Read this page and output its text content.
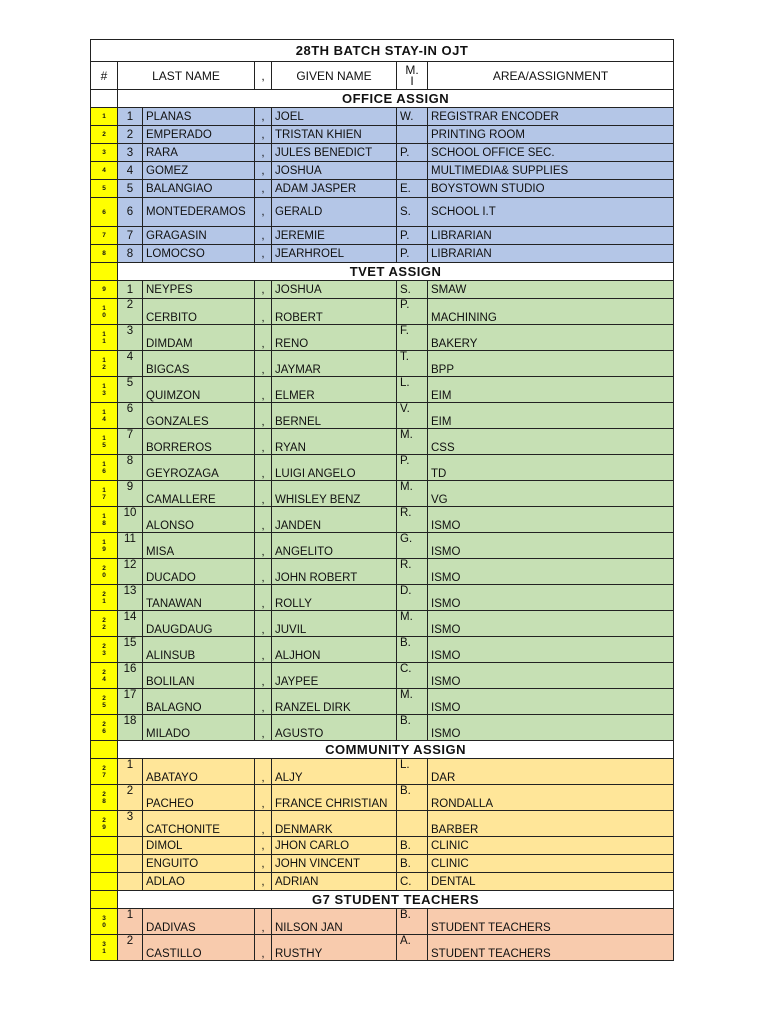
28TH BATCH STAY-IN OJT						
#	LAST NAME		,	GIVEN NAME	M. I	AREA/ASSIGNMENT
	OFFICE ASSIGN					
1	1	PLANAS	,	JOEL	W.	REGISTRAR ENCODER
2	2	EMPERADO	,	TRISTAN KHIEN		PRINTING ROOM
3	3	RARA	,	JULES BENEDICT	P.	SCHOOL OFFICE SEC.
4	4	GOMEZ	,	JOSHUA		MULTIMEDIA& SUPPLIES
5	5	BALANGIAO	,	ADAM JASPER	E.	BOYSTOWN STUDIO
6	6	MONTEDERAMOS	,	GERALD	S.	SCHOOL I.T
7	7	GRAGASIN	,	JEREMIE	P.	LIBRARIAN
8	8	LOMOCSO	,	JEARHROEL	P.	LIBRARIAN
	TVET ASSIGN					
9	1	NEYPES	,	JOSHUA	S.	SMAW
10	2	CERBITO	‚	ROBERT	P.	MACHINING
11	3	DIMDAM	‚	RENO	F.	BAKERY
12	4	BIGCAS	‚	JAYMAR	T.	BPP
13	5	QUIMZON	‚	ELMER	L.	EIM
14	6	GONZALES	‚	BERNEL	V.	EIM
15	7	BORREROS	‚	RYAN	M.	CSS
16	8	GEYROZAGA	‚	LUIGI ANGELO	P.	TD
17	9	CAMALLERE	‚	WHISLEY BENZ	M.	VG
18	10	ALONSO	‚	JANDEN	R.	ISMO
19	11	MISA	‚	ANGELITO	G.	ISMO
20	12	DUCADO	‚	JOHN ROBERT	R.	ISMO
21	13	TANAWAN	‚	ROLLY	D.	ISMO
22	14	DAUGDAUG	‚	JUVIL	M.	ISMO
23	15	ALINSUB	‚	ALJHON	B.	ISMO
24	16	BOLILAN	‚	JAYPEE	C.	ISMO
25	17	BALAGNO	‚	RANZEL DIRK	M.	ISMO
26	18	MILADO	‚	AGUSTO	B.	ISMO
	COMMUNITY ASSIGN					
27	1	ABATAYO	‚	ALJY	L.	DAR
28	2	PACHEO	‚	FRANCE CHRISTIAN	B.	RONDALLA
29	3	CATCHONITE	‚	DENMARK		BARBER
		DIMOL	,	JHON CARLO	B.	CLINIC
		ENGUITO	,	JOHN VINCENT	B.	CLINIC
		ADLAO	,	ADRIAN	C.	DENTAL
	G7 STUDENT TEACHERS					
30	1	DADIVAS	‚	NILSON JAN	B.	STUDENT TEACHERS
31	2	CASTILLO	,	RUSTHY	A.	STUDENT TEACHERS
